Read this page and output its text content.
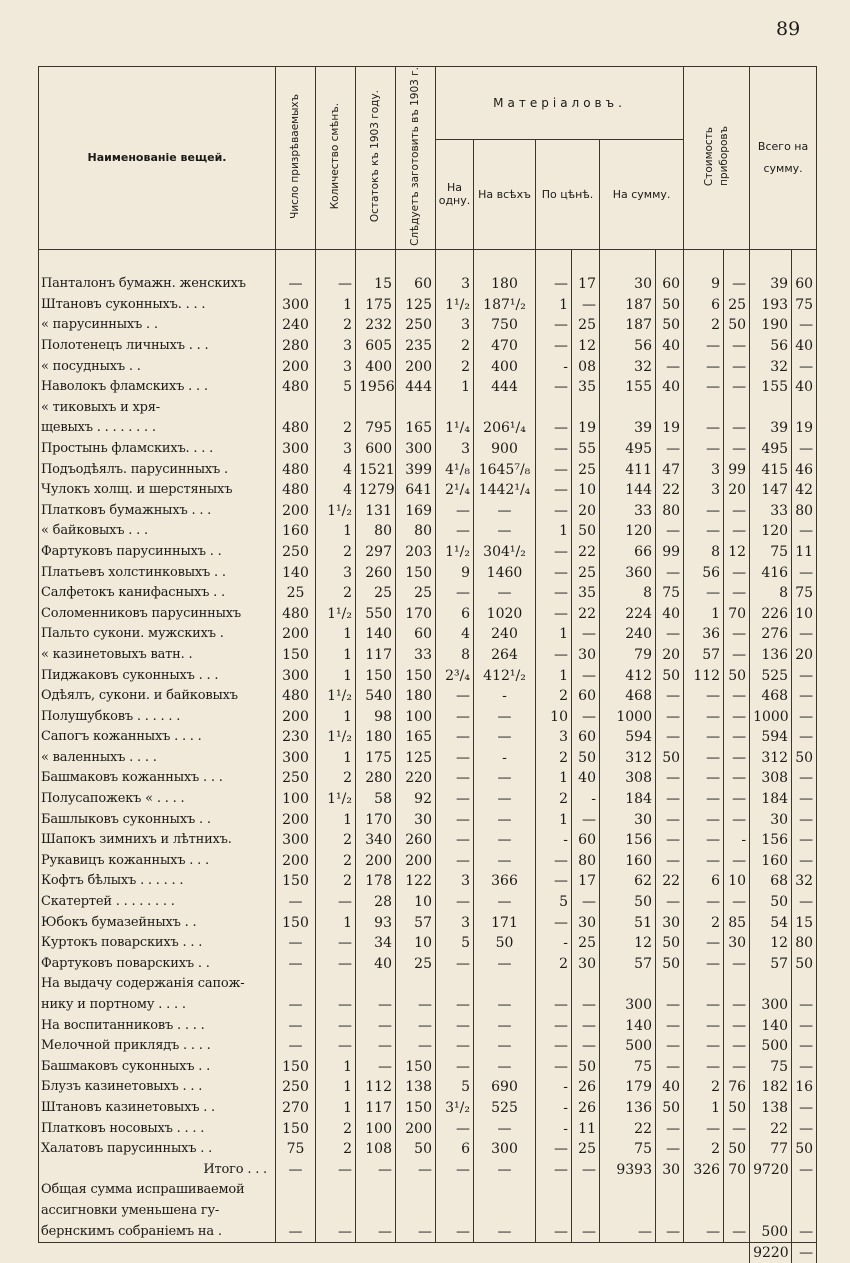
89
Наименованіе вещей.	Число призрѣваемыхъ	Количество смѣнъ.	Остатокъ къ 1903 году.	Слѣдуетъ заготовить въ 1903 г.	Матеріаловъ.						Стоимость приборовъ		Всего на сумму.	
					На одну.	На всѣхъ	По цѣнѣ.		На сумму.					

Панталонъ бумажн. женскихъ	—	—	15	60	3	180	—	17	30	60	9	—	39	60
Штановъ суконныхъ. . . .	300	1	175	125	1¹/₂	187¹/₂	1	—	187	50	6	25	193	75
« парусинныхъ . .	240	2	232	250	3	750	—	25	187	50	2	50	190	—
Полотенецъ личныхъ . . .	280	3	605	235	2	470	—	12	56	40	—	—	56	40
« посудныхъ . .	200	3	400	200	2	400	-	08	32	—	—	—	32	—
Наволокъ фламскихъ . . .	480	5	1956	444	1	444	—	35	155	40	—	—	155	40
« тиковыхъ и хря-														
щевыхъ . . . . . . . .	480	2	795	165	1¹/₄	206¹/₄	—	19	39	19	—	—	39	19
Простынь фламскихъ. . . .	300	3	600	300	3	900	—	55	495	—	—	—	495	—
Подъодѣялъ. парусинныхъ .	480	4	1521	399	4¹/₈	1645⁷/₈	—	25	411	47	3	99	415	46
Чулокъ холщ. и шерстяныхъ	480	4	1279	641	2¹/₄	1442¹/₄	—	10	144	22	3	20	147	42
Платковъ бумажныхъ . . .	200	1¹/₂	131	169	—	—	—	20	33	80	—	—	33	80
« байковыхъ . . .	160	1	80	80	—	—	1	50	120	—	—	—	120	—
Фартуковъ парусинныхъ . .	250	2	297	203	1¹/₂	304¹/₂	—	22	66	99	8	12	75	11
Платьевъ холстинковыхъ . .	140	3	260	150	9	1460	—	25	360	—	56	—	416	—
Салфетокъ канифасныхъ . .	25	2	25	25	—	—	—	35	8	75	—	—	8	75
Соломенниковъ парусинныхъ	480	1¹/₂	550	170	6	1020	—	22	224	40	1	70	226	10
Пальто сукони. мужскихъ .	200	1	140	60	4	240	1	—	240	—	36	—	276	—
« казинетовыхъ ватн. .	150	1	117	33	8	264	—	30	79	20	57	—	136	20
Пиджаковъ суконныхъ . . .	300	1	150	150	2³/₄	412¹/₂	1	—	412	50	112	50	525	—
Одѣялъ, сукони. и байковыхъ	480	1¹/₂	540	180	—	-	2	60	468	—	—	—	468	—
Полушубковъ . . . . . .	200	1	98	100	—	—	10	—	1000	—	—	—	1000	—
Сапогъ кожанныхъ . . . .	230	1¹/₂	180	165	—	—	3	60	594	—	—	—	594	—
« валенныхъ . . . .	300	1	175	125	—	-	2	50	312	50	—	—	312	50
Башмаковъ кожанныхъ . . .	250	2	280	220	—	—	1	40	308	—	—	—	308	—
Полусапожекъ « . . . .	100	1¹/₂	58	92	—	—	2	-	184	—	—	—	184	—
Башлыковъ суконныхъ . .	200	1	170	30	—	—	1	—	30	—	—	—	30	—
Шапокъ зимнихъ и лѣтнихъ.	300	2	340	260	—	—	-	60	156	—	—	-	156	—
Рукавицъ кожанныхъ . . .	200	2	200	200	—	—	—	80	160	—	—	—	160	—
Кофтъ бѣлыхъ . . . . . .	150	2	178	122	3	366	—	17	62	22	6	10	68	32
Скатертей . . . . . . . .	—	—	28	10	—	—	5	—	50	—	—	—	50	—
Юбокъ бумазейныхъ . .	150	1	93	57	3	171	—	30	51	30	2	85	54	15
Куртокъ поварскихъ . . .	—	—	34	10	5	50	-	25	12	50	—	30	12	80
Фартуковъ поварскихъ . .	—	—	40	25	—	—	2	30	57	50	—	—	57	50
На выдачу содержанія сапож-														
нику и портному . . . .	—	—	—	—	—	—	—	—	300	—	—	—	300	—
На воспитанниковъ . . . .	—	—	—	—	—	—	—	—	140	—	—	—	140	—
Мелочной приклядъ . . . .	—	—	—	—	—	—	—	—	500	—	—	—	500	—
Башмаковъ суконныхъ . .	150	1	—	150	—	—	—	50	75	—	—	—	75	—
Блузъ казинетовыхъ . . .	250	1	112	138	5	690	-	26	179	40	2	76	182	16
Штановъ казинетовыхъ . .	270	1	117	150	3¹/₂	525	-	26	136	50	1	50	138	—
Платковъ носовыхъ . . . .	150	2	100	200	—	—	-	11	22	—	—	—	22	—
Халатовъ парусинныхъ . .	75	2	108	50	6	300	—	25	75	—	2	50	77	50
Итого . . .	—	—	—	—	—	—	—	—	9393	30	326	70	9720	—
Общая сумма испрашиваемой														
ассигновки уменьшена гу-														
бернскимъ собраніемъ на .	—	—	—	—	—	—	—	—	—	—	—	—	500	—
													9220	—
